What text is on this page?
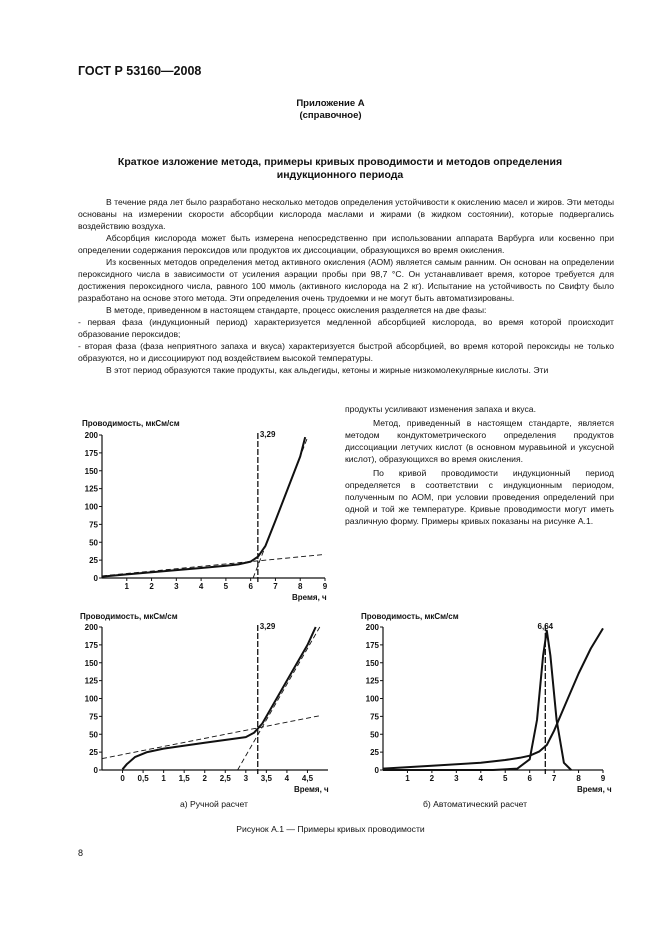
ГОСТ Р 53160—2008
Приложение А
(справочное)
Краткое изложение метода, примеры кривых проводимости и методов определения индукционного периода
В течение ряда лет было разработано несколько методов определения устойчивости к окислению масел и жиров. Эти методы основаны на измерении скорости абсорбции кислорода маслами и жирами (в жидком состоянии), которые подвергались воздействию воздуха.
Абсорбция кислорода может быть измерена непосредственно при использовании аппарата Варбурга или косвенно при определении содержания пероксидов или продуктов их диссоциации, образующихся во время окисления.
Из косвенных методов определения метод активного окисления (АОМ) является самым ранним. Он основан на определении пероксидного числа в зависимости от усиления аэрации пробы при 98,7 °С. Он устанавливает время, которое требуется для достижения пероксидного числа, равного 100 ммоль (активного кислорода на 2 кг). Испытание на устойчивость по Свифту было разработано на основе этого метода. Эти определения очень трудоемки и не могут быть автоматизированы.
В методе, приведенном в настоящем стандарте, процесс окисления разделяется на две фазы:
- первая фаза (индукционный период) характеризуется медленной абсорбцией кислорода, во время которой происходит образование пероксидов;
- вторая фаза (фаза неприятного запаха и вкуса) характеризуется быстрой абсорбцией, во время которой пероксиды не только образуются, но и диссоциируют под воздействием высокой температуры.
В этот период образуются такие продукты, как альдегиды, кетоны и жирные низкомолекулярные кислоты. Эти
продукты усиливают изменения запаха и вкуса.
Метод, приведенный в настоящем стандарте, является методом кондуктометрического определения продуктов диссоциации летучих кислот (в основном муравьиной и уксусной кислот), образующихся во время окисления.
По кривой проводимости индукционный период определяется в соответствии с индукционным периодом, полученным по АОМ, при условии проведения определений при одной и той же температуре. Кривые проводимости могут иметь различную форму. Примеры кривых показаны на рисунке А.1.
0
25
50
75
100
125
150
175
200
1	2	3	4	5	6	7	8	9
Проводимость, мкСм/см
Время, ч
3,29
0
25
50
75
100
125
150
175
200
0 0,5 1 1,5 2 2,5 3 3,5 4 4,5
Проводимость, мкСм/см
Время, ч
3,29
0
25
50
75
100
125
150
175
200
1 2 3 4 5 6 7 8 9
Проводимость, мкСм/см
Время, ч
6,64
а) Ручной расчет	б) Автоматический расчет
Рисунок А.1 — Примеры кривых проводимости
8
